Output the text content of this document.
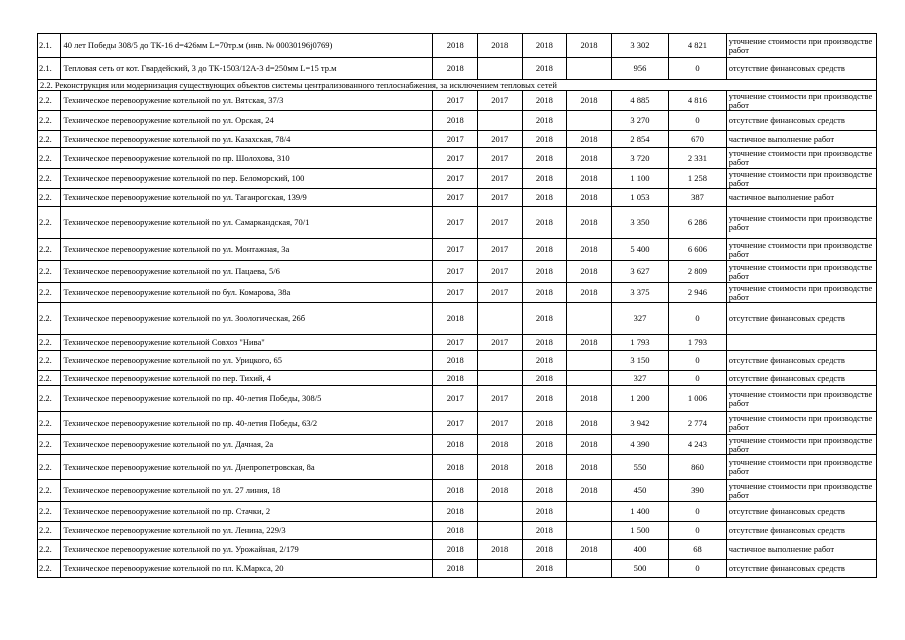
2.1.	40 лет Победы 308/5 до ТК-16 d=426мм L=70тр.м (инв. № 00030196j0769)	2018	2018	2018	2018	3 302	4 821	уточнение стоимости при производстве работ
2.1.	Тепловая сеть от кот. Гвардейский, 3 до ТК-1503/12А-3 d=250мм L=15 тр.м	2018		2018		956	0	отсутствие финансовых средств
2.2. Реконструкция или модернизация существующих объектов системы централизованного теплоснабжения, за исключением тепловых сетей								
2.2.	Техническое перевооружение котельной по ул. Вятская, 37/3	2017	2017	2018	2018	4 885	4 816	уточнение стоимости при производстве работ
2.2.	Техническое перевооружение котельной по ул. Орская, 24	2018		2018		3 270	0	отсутствие финансовых средств
2.2.	Техническое перевооружение котельной по ул. Казахская, 78/4	2017	2017	2018	2018	2 854	670	частичное выполнение работ
2.2.	Техническое перевооружение котельной по пр. Шолохова, 310	2017	2017	2018	2018	3 720	2 331	уточнение стоимости при производстве работ
2.2.	Техническое перевооружение котельной по пер. Беломорский, 100	2017	2017	2018	2018	1 100	1 258	уточнение стоимости при производстве работ
2.2.	Техническое перевооружение котельной по ул. Таганрогская, 139/9	2017	2017	2018	2018	1 053	387	частичное выполнение работ
2.2.	Техническое перевооружение котельной по ул. Самаркандская, 70/1	2017	2017	2018	2018	3 350	6 286	уточнение стоимости при производстве работ
2.2.	Техническое перевооружение котельной по ул. Монтажная, 3а	2017	2017	2018	2018	5 400	6 606	уточнение стоимости при производстве работ
2.2.	Техническое перевооружение котельной по ул. Пацаева, 5/6	2017	2017	2018	2018	3 627	2 809	уточнение стоимости при производстве работ
2.2.	Техническое перевооружение котельной по бул. Комарова, 38а	2017	2017	2018	2018	3 375	2 946	уточнение стоимости при производстве работ
2.2.	Техническое перевооружение котельной по ул. Зоологическая, 26б	2018		2018		327	0	отсутствие финансовых средств
2.2.	Техническое перевооружение котельной Совхоз "Нива"	2017	2017	2018	2018	1 793	1 793	
2.2.	Техническое перевооружение котельной по ул. Урицкого, 65	2018		2018		3 150	0	отсутствие финансовых средств
2.2.	Техническое перевооружение котельной по пер. Тихий, 4	2018		2018		327	0	отсутствие финансовых средств
2.2.	Техническое перевооружение котельной по пр. 40-летия Победы, 308/5	2017	2017	2018	2018	1 200	1 006	уточнение стоимости при производстве работ
2.2.	Техническое перевооружение котельной по пр. 40-летия Победы, 63/2	2017	2017	2018	2018	3 942	2 774	уточнение стоимости при производстве работ
2.2.	Техническое перевооружение котельной по ул. Дачная, 2а	2018	2018	2018	2018	4 390	4 243	уточнение стоимости при производстве работ
2.2.	Техническое перевооружение котельной по ул. Днепропетровская, 8а	2018	2018	2018	2018	550	860	уточнение стоимости при производстве работ
2.2.	Техническое перевооружение котельной по ул. 27 линия, 18	2018	2018	2018	2018	450	390	уточнение стоимости при производстве работ
2.2.	Техническое перевооружение котельной по пр. Стачки, 2	2018		2018		1 400	0	отсутствие финансовых средств
2.2.	Техническое перевооружение котельной по ул. Ленина, 229/3	2018		2018		1 500	0	отсутствие финансовых средств
2.2.	Техническое перевооружение котельной по ул. Урожайная, 2/179	2018	2018	2018	2018	400	68	частичное выполнение работ
2.2.	Техническое перевооружение котельной по пл. К.Маркса, 20	2018		2018		500	0	отсутствие финансовых средств
